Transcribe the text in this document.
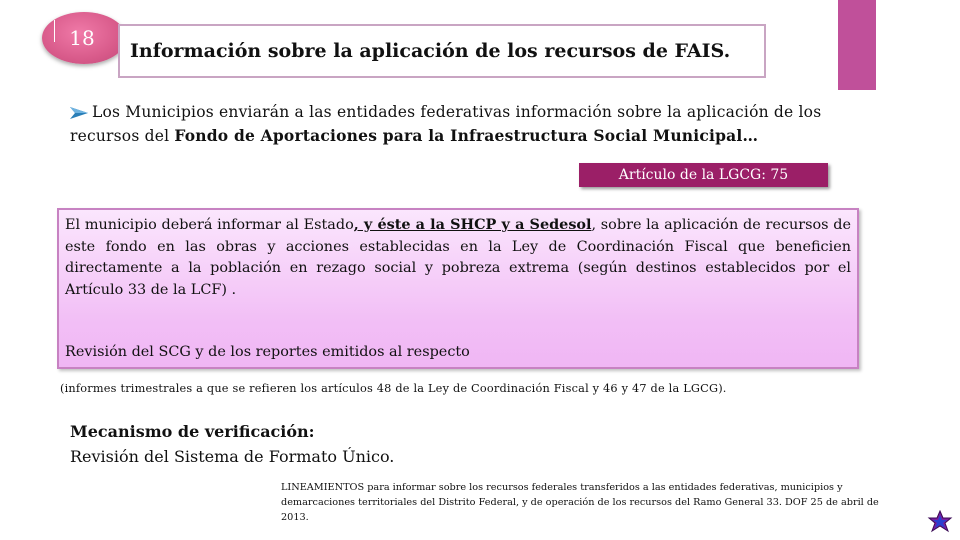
18
Información sobre la aplicación de los recursos de FAIS.
Los Municipios enviarán a las entidades federativas información sobre la aplicación de los recursos del Fondo de Aportaciones para la Infraestructura Social Municipal…
Artículo de la LGCG: 75

El municipio deberá informar al Estado, y éste a la SHCP y a Sedesol, sobre la aplicación de recursos de este fondo en las obras y acciones establecidas en la Ley de Coordinación Fiscal que beneficien directamente a la población en rezago social y pobreza extrema (según destinos establecidos por el Artículo 33 de la LCF) .

Revisión del SCG y de los reportes emitidos al respecto
(informes trimestrales a que se refieren los artículos 48 de la Ley de Coordinación Fiscal y 46 y 47 de la LGCG).
Mecanismo de verificación:
Revisión del Sistema de Formato Único.
LINEAMIENTOS para informar sobre los recursos federales transferidos a las entidades federativas, municipios y demarcaciones territoriales del Distrito Federal, y de operación de los recursos del Ramo General 33. DOF 25 de abril de 2013.
